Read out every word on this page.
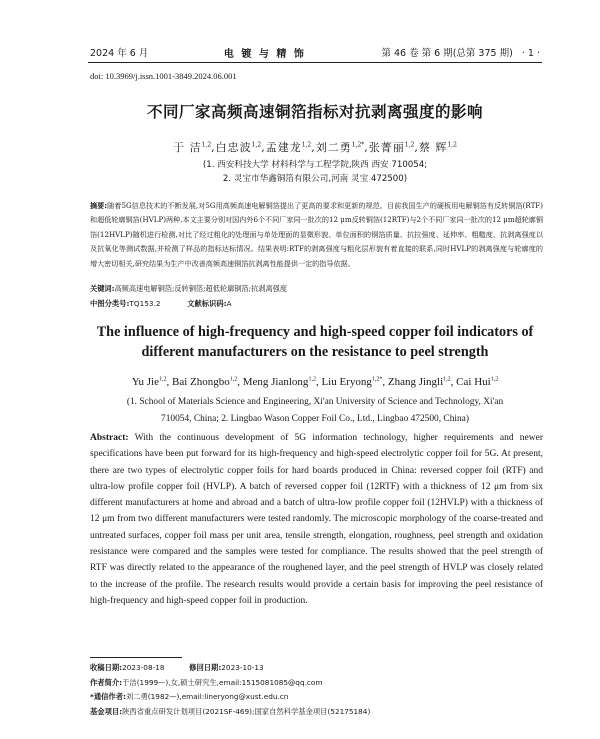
2024 年 6 月	电 镀 与 精 饰	第 46 卷 第 6 期(总第 375 期) · 1 ·
doi: 10.3969/j.issn.1001-3849.2024.06.001
不同厂家高频高速铜箔指标对抗剥离强度的影响
于 洁$^{1,2}$,白忠波$^{1,2}$,孟建龙$^{1,2}$,刘二勇$^{1,2*}$,张菁丽$^{1,2}$,蔡 辉$^{1,2}$
(1. 西安科技大学 材料科学与工程学院,陕西 西安 710054;
2. 灵宝市华鑫铜箔有限公司,河南 灵宝 472500)
摘要:随着5G信息技术的不断发展,对5G用高频高速电解铜箔提出了更高的要求和更新的规范。目前我国生产的硬板用电解铜箔有反转铜箔(RTF)和超低轮廓铜箔(HVLP)两种,本文主要分别对国内外6个不同厂家同一批次的12 μm反转铜箔(12RTF)与2个不同厂家同一批次的12 μm超轮廓铜箔(12HVLP)随机进行检测,对比了经过粗化的处理面与单处理面的显微形貌、单位面积的铜箔质量、抗拉强度、延伸率、粗糙度、抗剥离强度以及抗氧化等测试数据,并检测了样品的指标达标情况。结果表明:RTF的剥离强度与粗化层形貌有着直接的联系,同时HVLP的剥离强度与轮廓度的增大密切相关,研究结果为生产中改善高频高速铜箔抗剥离性能提供一定的指导依据。
关键词:高频高速电解铜箔;反转铜箔;超低轮廓铜箔;抗剥离强度
中图分类号:TQ153.2	文献标识码:A
The influence of high-frequency and high-speed copper foil indicators of
different manufacturers on the resistance to peel strength
Yu Jie$^{1,2}$, Bai Zhongbo$^{1,2}$, Meng Jianlong$^{1,2}$, Liu Eryong$^{1,2*}$, Zhang Jingli$^{1,2}$, Cai Hui$^{1,2}$
(1. School of Materials Science and Engineering, Xi'an University of Science and Technology, Xi'an
710054, China; 2. Lingbao Wason Copper Foil Co., Ltd., Lingbao 472500, China)
Abstract: With the continuous development of 5G information technology, higher requirements and newer specifications have been put forward for its high-frequency and high-speed electrolytic copper foil for 5G. At present, there are two types of electrolytic copper foils for hard boards produced in China: reversed copper foil (RTF) and ultra-low profile copper foil (HVLP). A batch of reversed copper foil (12RTF) with a thickness of 12 μm from six different manufacturers at home and abroad and a batch of ultra-low profile copper foil (12HVLP) with a thickness of 12 μm from two different manufacturers were tested randomly. The microscopic morphology of the coarse-treated and untreated surfaces, copper foil mass per unit area, tensile strength, elongation, roughness, peel strength and oxidation resistance were compared and the samples were tested for compliance. The results showed that the peel strength of RTF was directly related to the appearance of the roughened layer, and the peel strength of HVLP was closely related to the increase of the profile. The research results would provide a certain basis for improving the peel resistance of high-frequency and high-speed copper foil in production.
收稿日期:2023-08-18	修回日期:2023-10-13
作者简介:于洁(1999—),女,硕士研究生,email:1515081085@qq.com
*通信作者:刘二勇(1982—),email:lineryong@xust.edu.cn
基金项目:陕西省重点研发计划项目(2021SF-469);国家自然科学基金项目(52175184)
